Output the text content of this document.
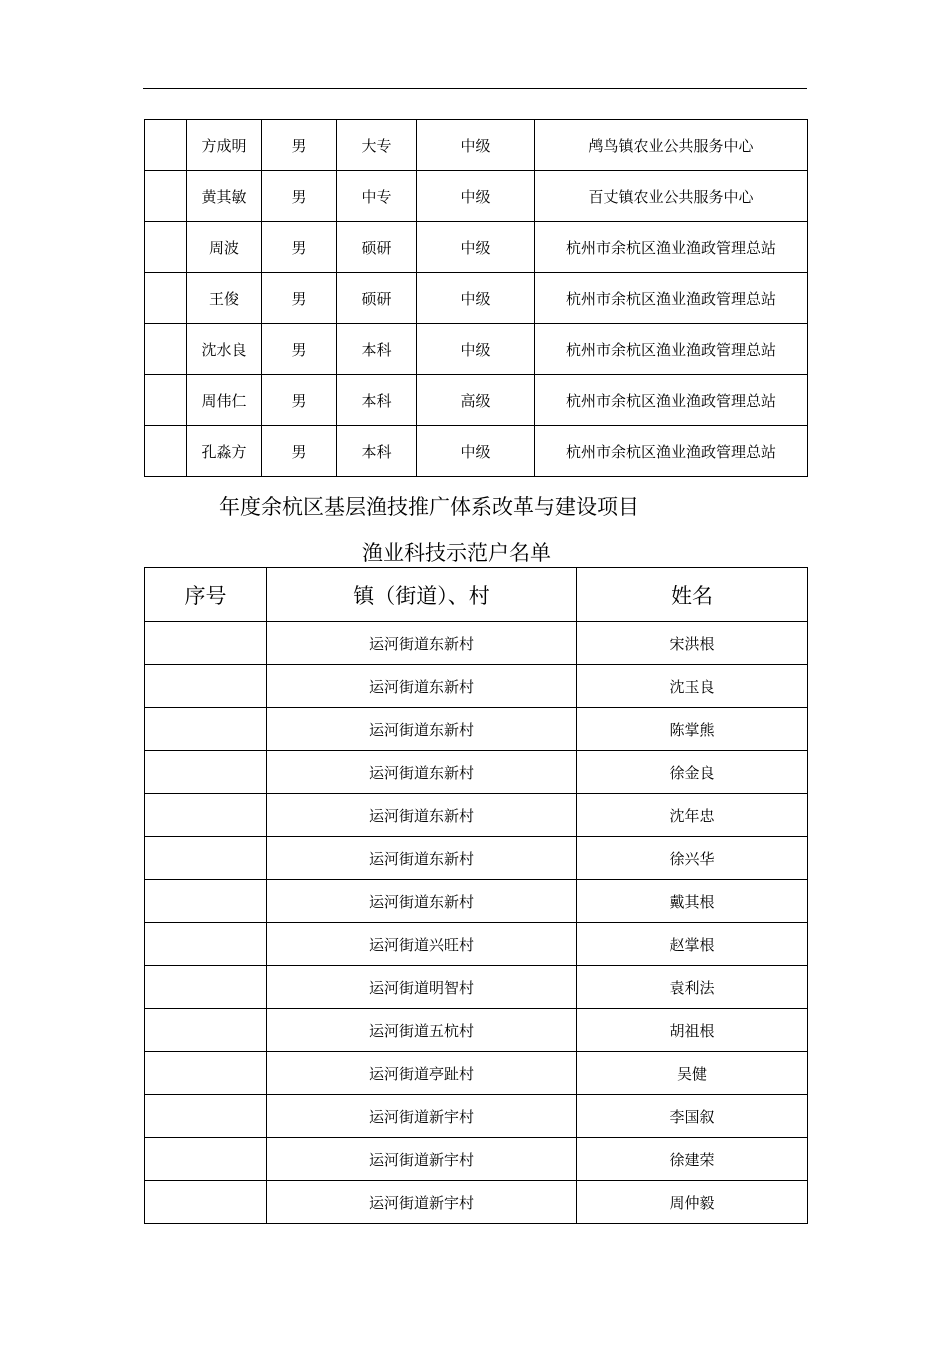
	方成明	男	大专	中级	鸬鸟镇农业公共服务中心
	黄其敏	男	中专	中级	百丈镇农业公共服务中心
	周波	男	硕研	中级	杭州市余杭区渔业渔政管理总站
	王俊	男	硕研	中级	杭州市余杭区渔业渔政管理总站
	沈水良	男	本科	中级	杭州市余杭区渔业渔政管理总站
	周伟仁	男	本科	高级	杭州市余杭区渔业渔政管理总站
	孔淼方	男	本科	中级	杭州市余杭区渔业渔政管理总站
年度余杭区基层渔技推广体系改革与建设项目
渔业科技示范户名单
序号	镇（街道）、村	姓名
	运河街道东新村	宋洪根
	运河街道东新村	沈玉良
	运河街道东新村	陈掌熊
	运河街道东新村	徐金良
	运河街道东新村	沈年忠
	运河街道东新村	徐兴华
	运河街道东新村	戴其根
	运河街道兴旺村	赵掌根
	运河街道明智村	袁利法
	运河街道五杭村	胡祖根
	运河街道亭趾村	吴健
	运河街道新宇村	李国叙
	运河街道新宇村	徐建荣
	运河街道新宇村	周仲毅
